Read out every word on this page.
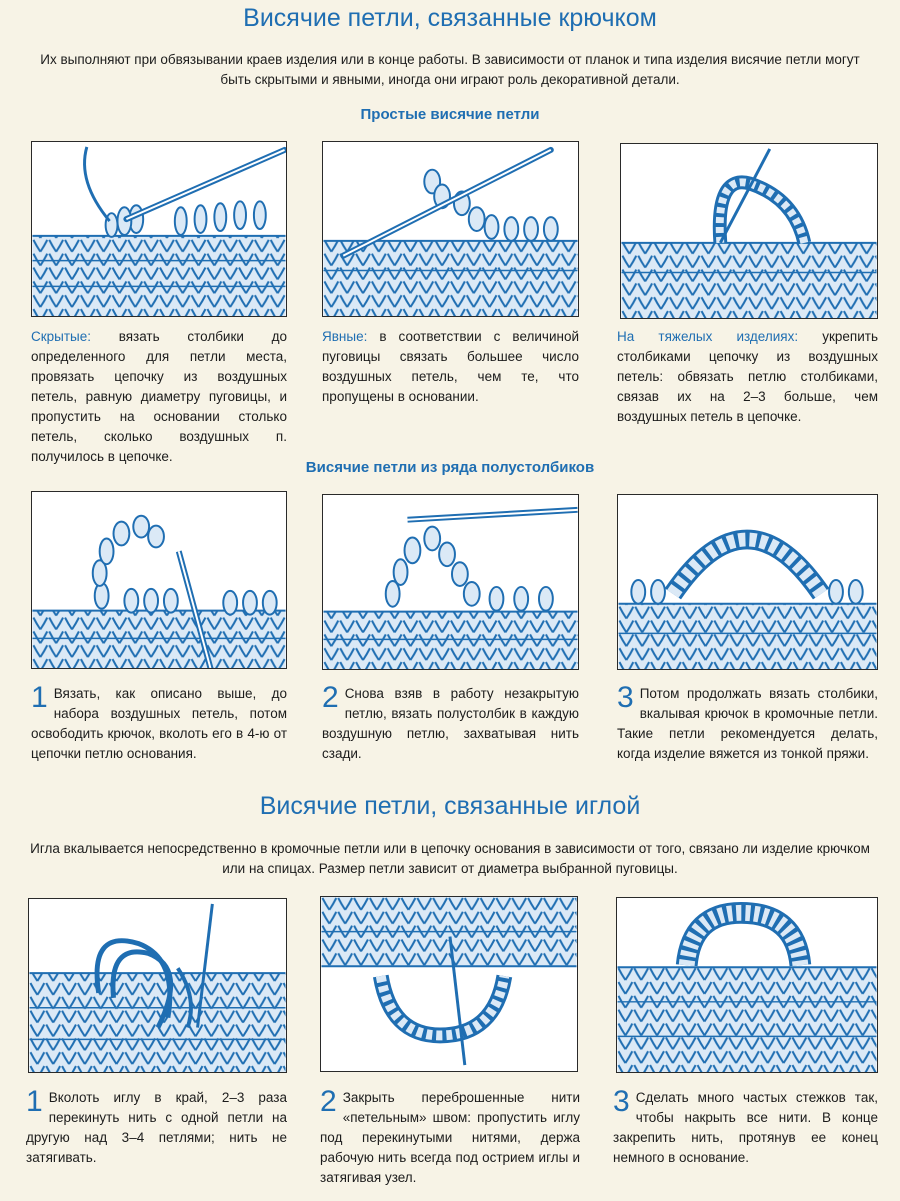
Висячие петли, связанные крючком
Их выполняют при обвязывании краев изделия или в конце работы. В зависимости от планок и типа изделия висячие петли могут быть скрытыми и явными, иногда они играют роль декоративной детали.
Простые висячие петли
Скрытые: вязать столбики до определенного для петли места, провязать цепочку из воздушных петель, равную диаметру пуговицы, и пропустить на основании столько петель, сколько воздушных п. получилось в цепочке.
Явные: в соответствии с величиной пуговицы связать большее число воздушных петель, чем те, что пропущены в основании.
На тяжелых изделиях: укрепить столбиками цепочку из воздушных петель: обвязать петлю столбиками, связав их на 2–3 больше, чем воздушных петель в цепочке.
Висячие петли из ряда полустолбиков
1 Вязать, как описано выше, до набора воздушных петель, потом освободить крючок, вколоть его в 4-ю от цепочки петлю основания.
2 Снова взяв в работу незакрытую петлю, вязать полустолбик в каждую воздушную петлю, захватывая нить сзади.
3 Потом продолжать вязать столбики, вкалывая крючок в кромочные петли. Такие петли рекомендуется делать, когда изделие вяжется из тонкой пряжи.
Висячие петли, связанные иглой
Игла вкалывается непосредственно в кромочные петли или в цепочку основания в зависимости от того, связано ли изделие крючком или на спицах. Размер петли зависит от диаметра выбранной пуговицы.
1 Вколоть иглу в край, 2–3 раза перекинуть нить с одной петли на другую над 3–4 петлями; нить не затягивать.
2 Закрыть переброшенные нити «петельным» швом: пропустить иглу под перекинутыми нитями, держа рабочую нить всегда под острием иглы и затягивая узел.
3 Сделать много частых стежков так, чтобы накрыть все нити. В конце закрепить нить, протянув ее конец немного в основание.
